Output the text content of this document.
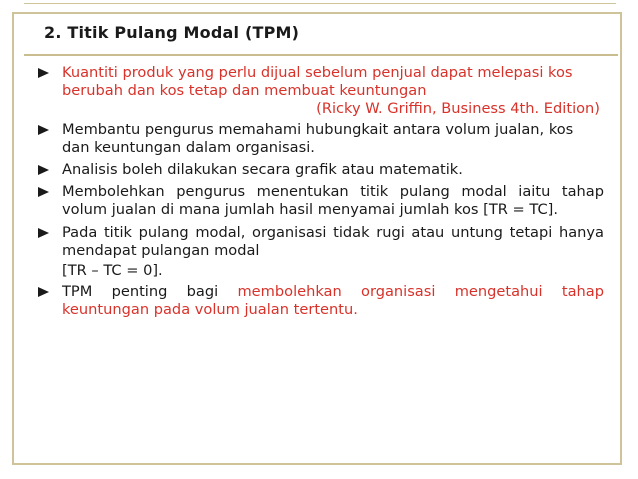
2. Titik Pulang Modal (TPM)
Kuantiti produk yang perlu dijual sebelum penjual dapat melepasi kos berubah dan kos tetap dan membuat keuntungan
(Ricky W. Griffin, Business 4th. Edition)
Membantu pengurus memahami hubungkait antara volum jualan, kos dan keuntungan dalam organisasi.
Analisis boleh dilakukan secara grafik atau matematik.
Membolehkan pengurus menentukan titik pulang modal iaitu tahap volum jualan di mana jumlah hasil menyamai jumlah kos [TR = TC].
Pada titik pulang modal, organisasi tidak rugi atau untung tetapi hanya mendapat pulangan modal
[TR – TC = 0].
TPM penting bagi membolehkan organisasi mengetahui tahap keuntungan pada volum jualan tertentu.
